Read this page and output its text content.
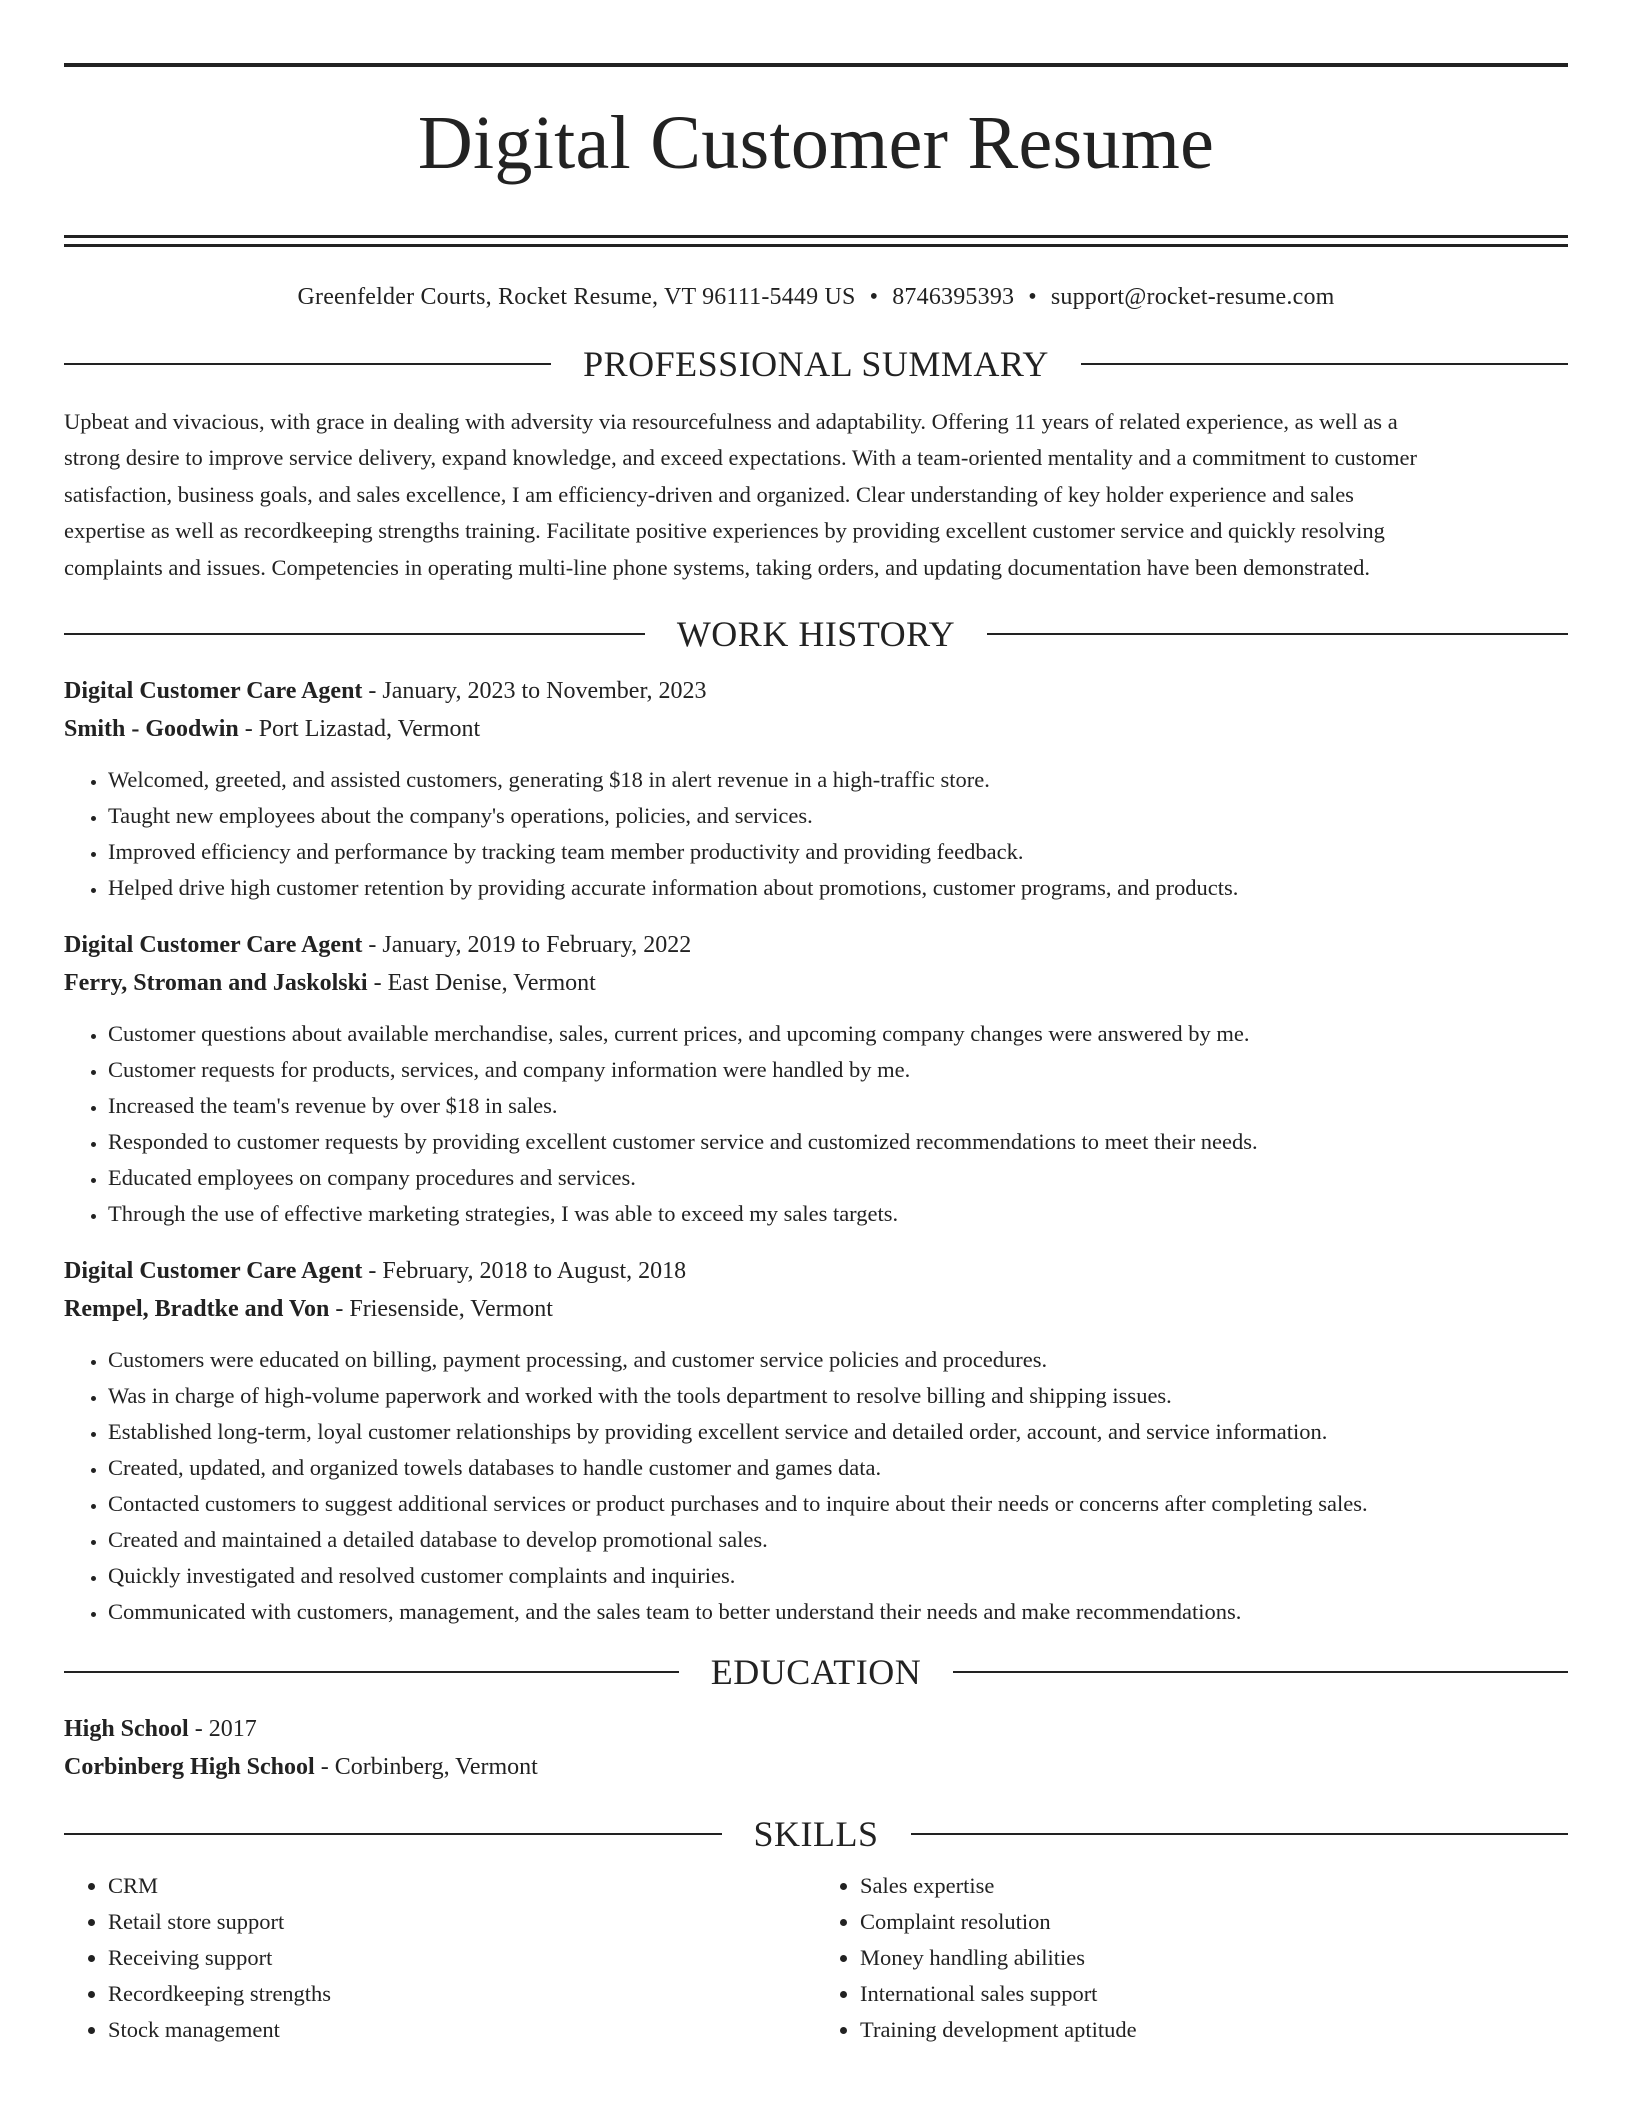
Digital Customer Resume
Greenfelder Courts, Rocket Resume, VT 96111-5449 US • 8746395393 • support@rocket-resume.com
PROFESSIONAL SUMMARY
Upbeat and vivacious, with grace in dealing with adversity via resourcefulness and adaptability. Offering 11 years of related experience, as well as a
strong desire to improve service delivery, expand knowledge, and exceed expectations. With a team-oriented mentality and a commitment to customer
satisfaction, business goals, and sales excellence, I am efficiency-driven and organized. Clear understanding of key holder experience and sales
expertise as well as recordkeeping strengths training. Facilitate positive experiences by providing excellent customer service and quickly resolving
complaints and issues. Competencies in operating multi-line phone systems, taking orders, and updating documentation have been demonstrated.
WORK HISTORY
Digital Customer Care Agent - January, 2023 to November, 2023
Smith - Goodwin - Port Lizastad, Vermont
• Welcomed, greeted, and assisted customers, generating $18 in alert revenue in a high-traffic store.
• Taught new employees about the company's operations, policies, and services.
• Improved efficiency and performance by tracking team member productivity and providing feedback.
• Helped drive high customer retention by providing accurate information about promotions, customer programs, and products.
Digital Customer Care Agent - January, 2019 to February, 2022
Ferry, Stroman and Jaskolski - East Denise, Vermont
• Customer questions about available merchandise, sales, current prices, and upcoming company changes were answered by me.
• Customer requests for products, services, and company information were handled by me.
• Increased the team's revenue by over $18 in sales.
• Responded to customer requests by providing excellent customer service and customized recommendations to meet their needs.
• Educated employees on company procedures and services.
• Through the use of effective marketing strategies, I was able to exceed my sales targets.
Digital Customer Care Agent - February, 2018 to August, 2018
Rempel, Bradtke and Von - Friesenside, Vermont
• Customers were educated on billing, payment processing, and customer service policies and procedures.
• Was in charge of high-volume paperwork and worked with the tools department to resolve billing and shipping issues.
• Established long-term, loyal customer relationships by providing excellent service and detailed order, account, and service information.
• Created, updated, and organized towels databases to handle customer and games data.
• Contacted customers to suggest additional services or product purchases and to inquire about their needs or concerns after completing sales.
• Created and maintained a detailed database to develop promotional sales.
• Quickly investigated and resolved customer complaints and inquiries.
• Communicated with customers, management, and the sales team to better understand their needs and make recommendations.
EDUCATION
High School - 2017
Corbinberg High School - Corbinberg, Vermont
SKILLS
• CRM
• Retail store support
• Receiving support
• Recordkeeping strengths
• Stock management
• Sales expertise
• Complaint resolution
• Money handling abilities
• International sales support
• Training development aptitude
